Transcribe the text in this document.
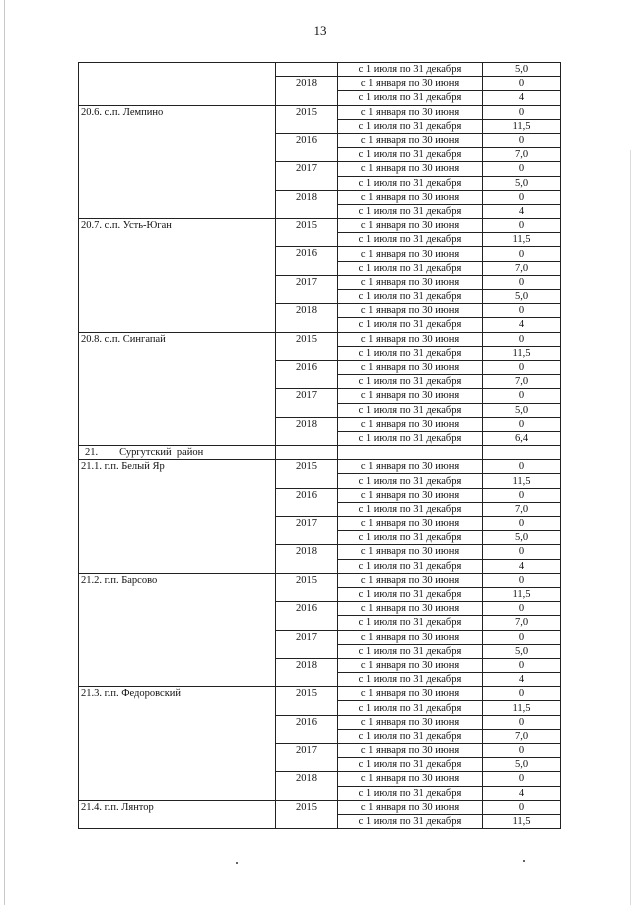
13
		с 1 июля по 31 декабря	5,0
	2018	с 1 января по 30 июня	0
		с 1 июля по 31 декабря	4
20.6. с.п. Лемпино	2015	с 1 января по 30 июня	0
		с 1 июля по 31 декабря	11,5
	2016	с 1 января по 30 июня	0
		с 1 июля по 31 декабря	7,0
	2017	с 1 января по 30 июня	0
		с 1 июля по 31 декабря	5,0
	2018	с 1 января по 30 июня	0
		с 1 июля по 31 декабря	4
20.7. с.п. Усть-Юган	2015	с 1 января по 30 июня	0
		с 1 июля по 31 декабря	11,5
	2016	с 1 января по 30 июня	0
		с 1 июля по 31 декабря	7,0
	2017	с 1 января по 30 июня	0
		с 1 июля по 31 декабря	5,0
	2018	с 1 января по 30 июня	0
		с 1 июля по 31 декабря	4
20.8. с.п. Сингапай	2015	с 1 января по 30 июня	0
		с 1 июля по 31 декабря	11,5
	2016	с 1 января по 30 июня	0
		с 1 июля по 31 декабря	7,0
	2017	с 1 января по 30 июня	0
		с 1 июля по 31 декабря	5,0
	2018	с 1 января по 30 июня	0
		с 1 июля по 31 декабря	6,4
21.        Сургутский  район			
21.1. г.п. Белый Яр	2015	с 1 января по 30 июня	0
		с 1 июля по 31 декабря	11,5
	2016	с 1 января по 30 июня	0
		с 1 июля по 31 декабря	7,0
	2017	с 1 января по 30 июня	0
		с 1 июля по 31 декабря	5,0
	2018	с 1 января по 30 июня	0
		с 1 июля по 31 декабря	4
21.2. г.п. Барсово	2015	с 1 января по 30 июня	0
		с 1 июля по 31 декабря	11,5
	2016	с 1 января по 30 июня	0
		с 1 июля по 31 декабря	7,0
	2017	с 1 января по 30 июня	0
		с 1 июля по 31 декабря	5,0
	2018	с 1 января по 30 июня	0
		с 1 июля по 31 декабря	4
21.3. г.п. Федоровский	2015	с 1 января по 30 июня	0
		с 1 июля по 31 декабря	11,5
	2016	с 1 января по 30 июня	0
		с 1 июля по 31 декабря	7,0
	2017	с 1 января по 30 июня	0
		с 1 июля по 31 декабря	5,0
	2018	с 1 января по 30 июня	0
		с 1 июля по 31 декабря	4
21.4. г.п. Лянтор	2015	с 1 января по 30 июня	0
		с 1 июля по 31 декабря	11,5
